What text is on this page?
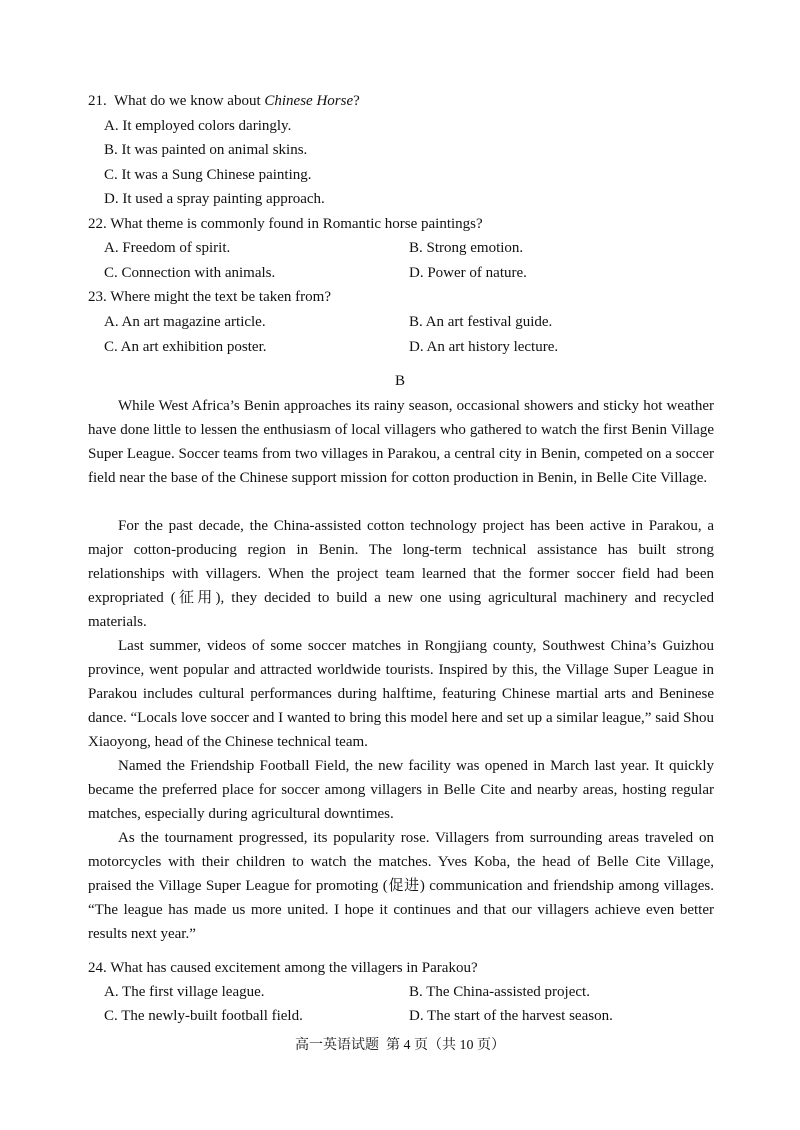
21.  What do we know about Chinese Horse?
A. It employed colors daringly.
B. It was painted on animal skins.
C. It was a Sung Chinese painting.
D. It used a spray painting approach.
22. What theme is commonly found in Romantic horse paintings?
A. Freedom of spirit.	B. Strong emotion.
C. Connection with animals.	D. Power of nature.
23. Where might the text be taken from?
A. An art magazine article.	B. An art festival guide.
C. An art exhibition poster.	D. An art history lecture.
B

While West Africa’s Benin approaches its rainy season, occasional showers and sticky hot weather have done little to lessen the enthusiasm of local villagers who gathered to watch the first Benin Village Super League. Soccer teams from two villages in Parakou, a central city in Benin, competed on a soccer field near the base of the Chinese support mission for cotton production in Benin, in Belle Cite Village.

For the past decade, the China-assisted cotton technology project has been active in Parakou, a major cotton-producing region in Benin. The long-term technical assistance has built strong relationships with villagers. When the project team learned that the former soccer field had been expropriated (征用), they decided to build a new one using agricultural machinery and recycled materials.

Last summer, videos of some soccer matches in Rongjiang county, Southwest China’s Guizhou province, went popular and attracted worldwide tourists. Inspired by this, the Village Super League in Parakou includes cultural performances during halftime, featuring Chinese martial arts and Beninese dance. “Locals love soccer and I wanted to bring this model here and set up a similar league,” said Shou Xiaoyong, head of the Chinese technical team.

Named the Friendship Football Field, the new facility was opened in March last year. It quickly became the preferred place for soccer among villagers in Belle Cite and nearby areas, hosting regular matches, especially during agricultural downtimes.

As the tournament progressed, its popularity rose. Villagers from surrounding areas traveled on motorcycles with their children to watch the matches. Yves Koba, the head of Belle Cite Village, praised the Village Super League for promoting (促进) communication and friendship among villages. “The league has made us more united. I hope it continues and that our villagers achieve even better results next year.”

24. What has caused excitement among the villagers in Parakou?
A. The first village league.	B. The China-assisted project.
C. The newly-built football field.	D. The start of the harvest season.
高一英语试题  第 4 页（共 10 页）
